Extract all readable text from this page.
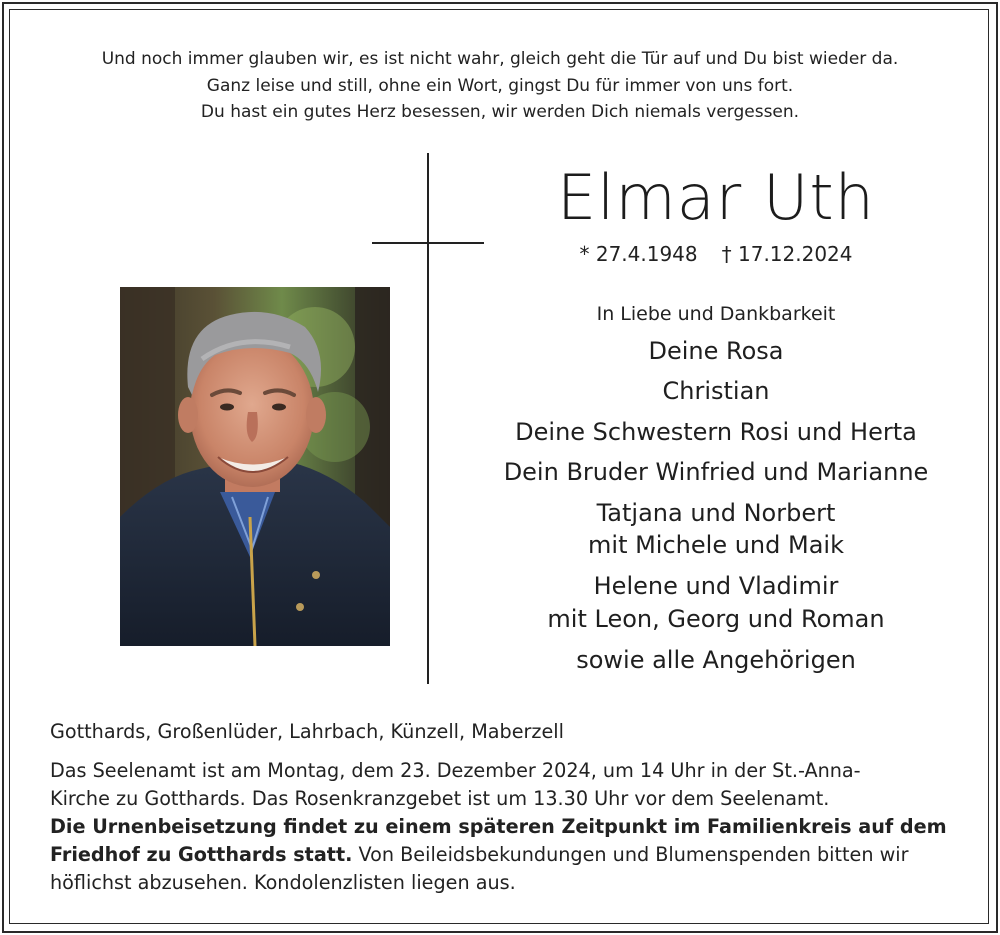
Und noch immer glauben wir, es ist nicht wahr, gleich geht die Tür auf und Du bist wieder da.
Ganz leise und still, ohne ein Wort, gingst Du für immer von uns fort.
Du hast ein gutes Herz besessen, wir werden Dich niemals vergessen.
Elmar Uth
* 27.4.1948 † 17.12.2024
In Liebe und Dankbarkeit
Deine Rosa
Christian
Deine Schwestern Rosi und Herta
Dein Bruder Winfried und Marianne
Tatjana und Norbert
mit Michele und Maik
Helene und Vladimir
mit Leon, Georg und Roman
sowie alle Angehörigen
Gotthards, Großenlüder, Lahrbach, Künzell, Maberzell
Das Seelenamt ist am Montag, dem 23. Dezember 2024, um 14 Uhr in der St.-Anna-
Kirche zu Gotthards. Das Rosenkranzgebet ist um 13.30 Uhr vor dem Seelenamt.
Die Urnenbeisetzung findet zu einem späteren Zeitpunkt im Familienkreis auf dem
Friedhof zu Gotthards statt. Von Beileidsbekundungen und Blumenspenden bitten wir
höflichst abzusehen. Kondolenzlisten liegen aus.
